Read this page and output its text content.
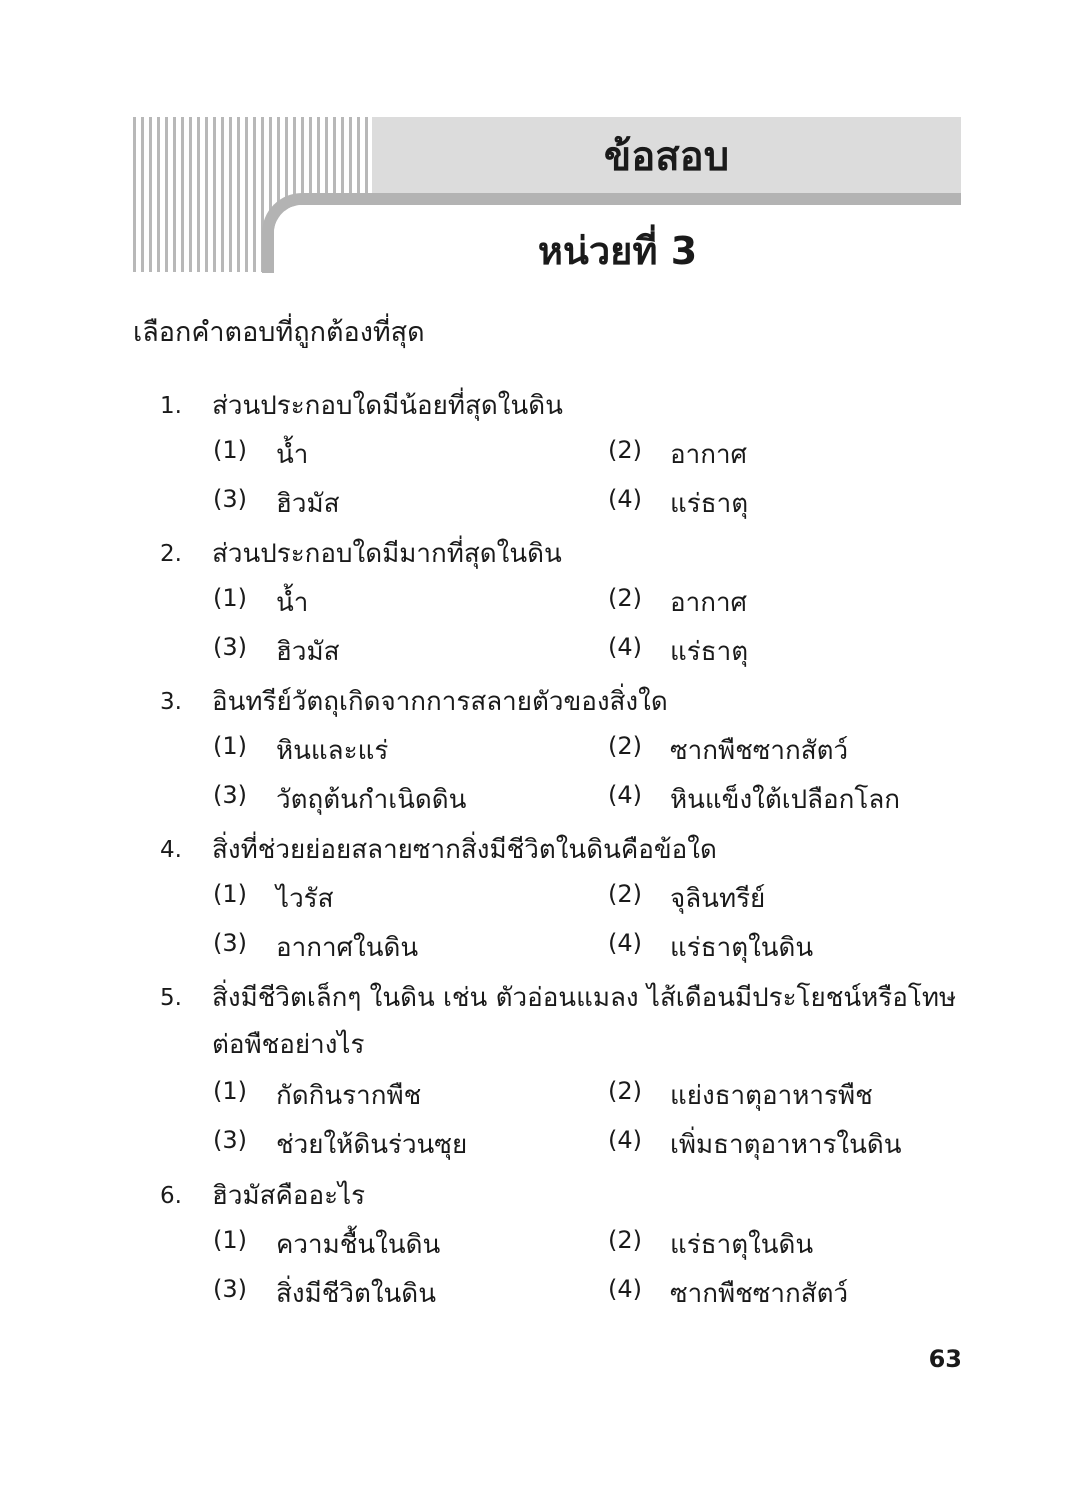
ข้อสอบ
หน่วยที่ 3
เลือกคำตอบที่ถูกต้องที่สุด
1. ส่วนประกอบใดมีน้อยที่สุดในดิน
(1) น้ำ	(2) อากาศ
(3) ฮิวมัส	(4) แร่ธาตุ
2. ส่วนประกอบใดมีมากที่สุดในดิน
(1) น้ำ	(2) อากาศ
(3) ฮิวมัส	(4) แร่ธาตุ
3. อินทรีย์วัตถุเกิดจากการสลายตัวของสิ่งใด
(1) หินและแร่	(2) ซากพืชซากสัตว์
(3) วัตถุต้นกำเนิดดิน	(4) หินแข็งใต้เปลือกโลก
4. สิ่งที่ช่วยย่อยสลายซากสิ่งมีชีวิตในดินคือข้อใด
(1) ไวรัส	(2) จุลินทรีย์
(3) อากาศในดิน	(4) แร่ธาตุในดิน
5. สิ่งมีชีวิตเล็กๆ ในดิน เช่น ตัวอ่อนแมลง ไส้เดือนมีประโยชน์หรือโทษ
ต่อพืชอย่างไร
(1) กัดกินรากพืช	(2) แย่งธาตุอาหารพืช
(3) ช่วยให้ดินร่วนซุย	(4) เพิ่มธาตุอาหารในดิน
6. ฮิวมัสคืออะไร
(1) ความชื้นในดิน	(2) แร่ธาตุในดิน
(3) สิ่งมีชีวิตในดิน	(4) ซากพืชซากสัตว์
63
